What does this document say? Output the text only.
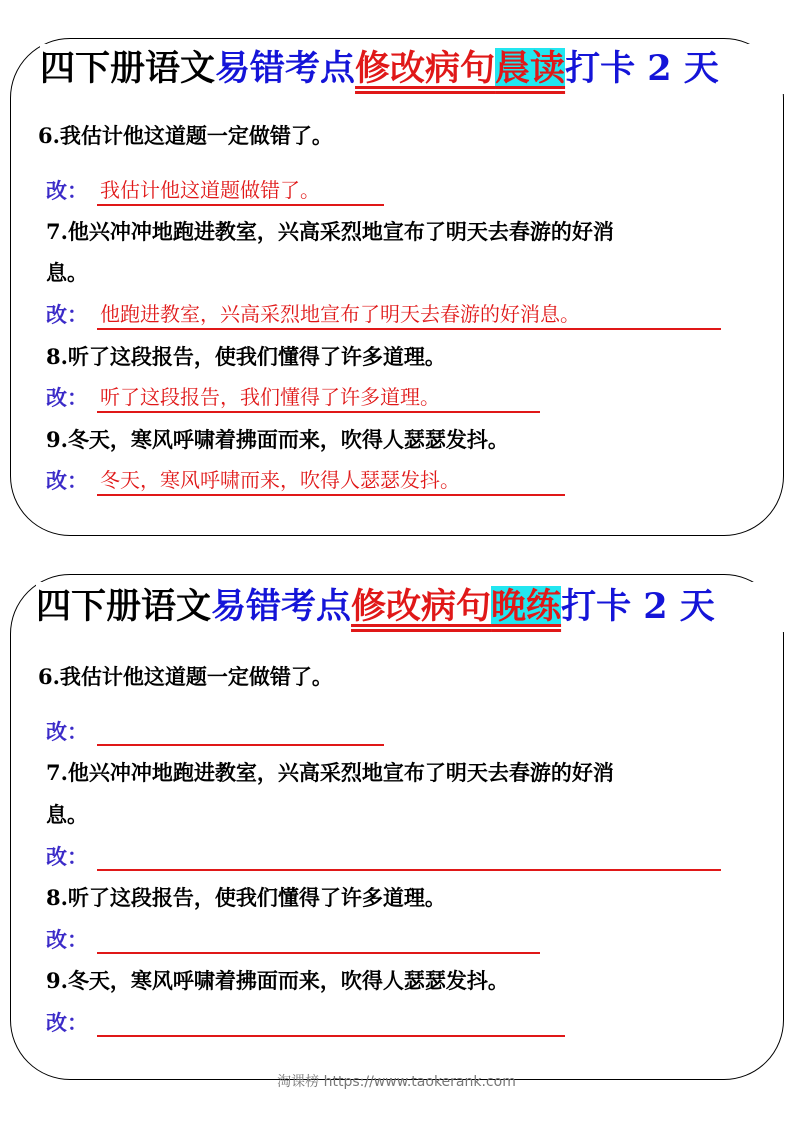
四下册语文易错考点修改病句晨读打卡 2 天
6.我估计他这道题一定做错了。
改： 我估计他这道题做错了。
7.他兴冲冲地跑进教室，兴高采烈地宣布了明天去春游的好消
息。
改： 他跑进教室，兴高采烈地宣布了明天去春游的好消息。
8.听了这段报告，使我们懂得了许多道理。
改： 听了这段报告，我们懂得了许多道理。
9.冬天，寒风呼啸着拂面而来，吹得人瑟瑟发抖。
改： 冬天，寒风呼啸而来，吹得人瑟瑟发抖。
四下册语文易错考点修改病句晚练打卡 2 天
6.我估计他这道题一定做错了。
改：
7.他兴冲冲地跑进教室，兴高采烈地宣布了明天去春游的好消
息。
改：
8.听了这段报告，使我们懂得了许多道理。
改：
9.冬天，寒风呼啸着拂面而来，吹得人瑟瑟发抖。
改：
淘课榜 https://www.taokerank.com
